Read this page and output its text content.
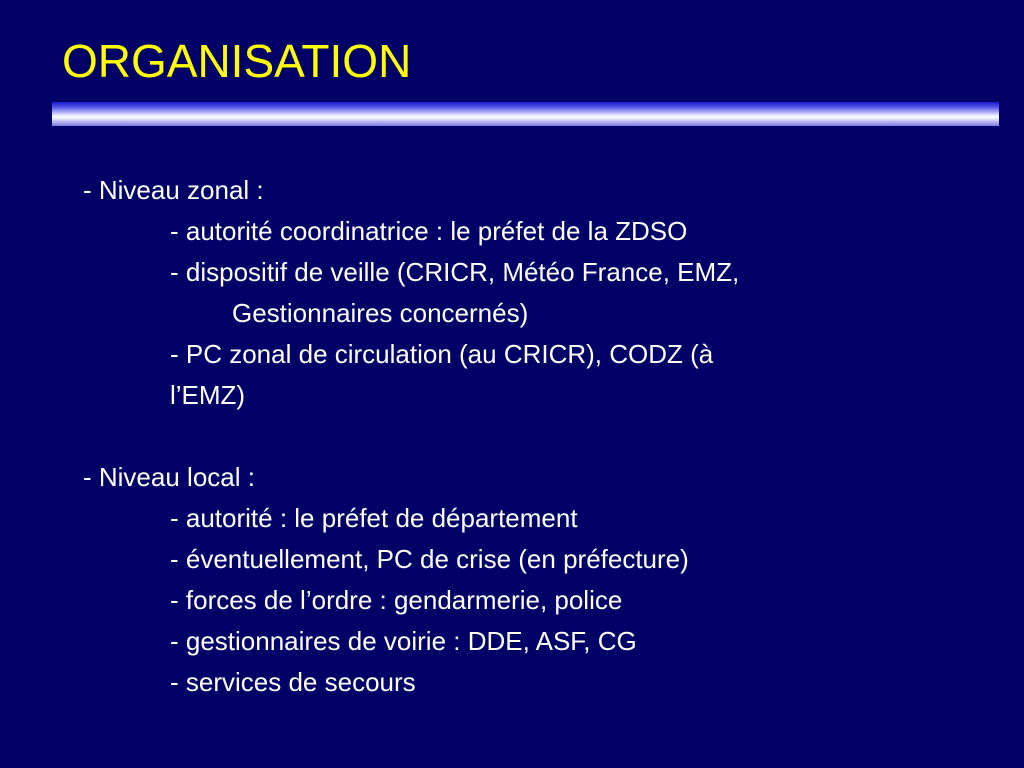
ORGANISATION
- Niveau zonal :
- autorité coordinatrice : le préfet de la ZDSO
- dispositif de veille (CRICR, Météo France, EMZ,
Gestionnaires concernés)
- PC zonal de circulation (au CRICR), CODZ (à
l’EMZ)
- Niveau local :
- autorité : le préfet de département
- éventuellement, PC de crise (en préfecture)
- forces de l’ordre : gendarmerie, police
- gestionnaires de voirie : DDE, ASF, CG
- services de secours
